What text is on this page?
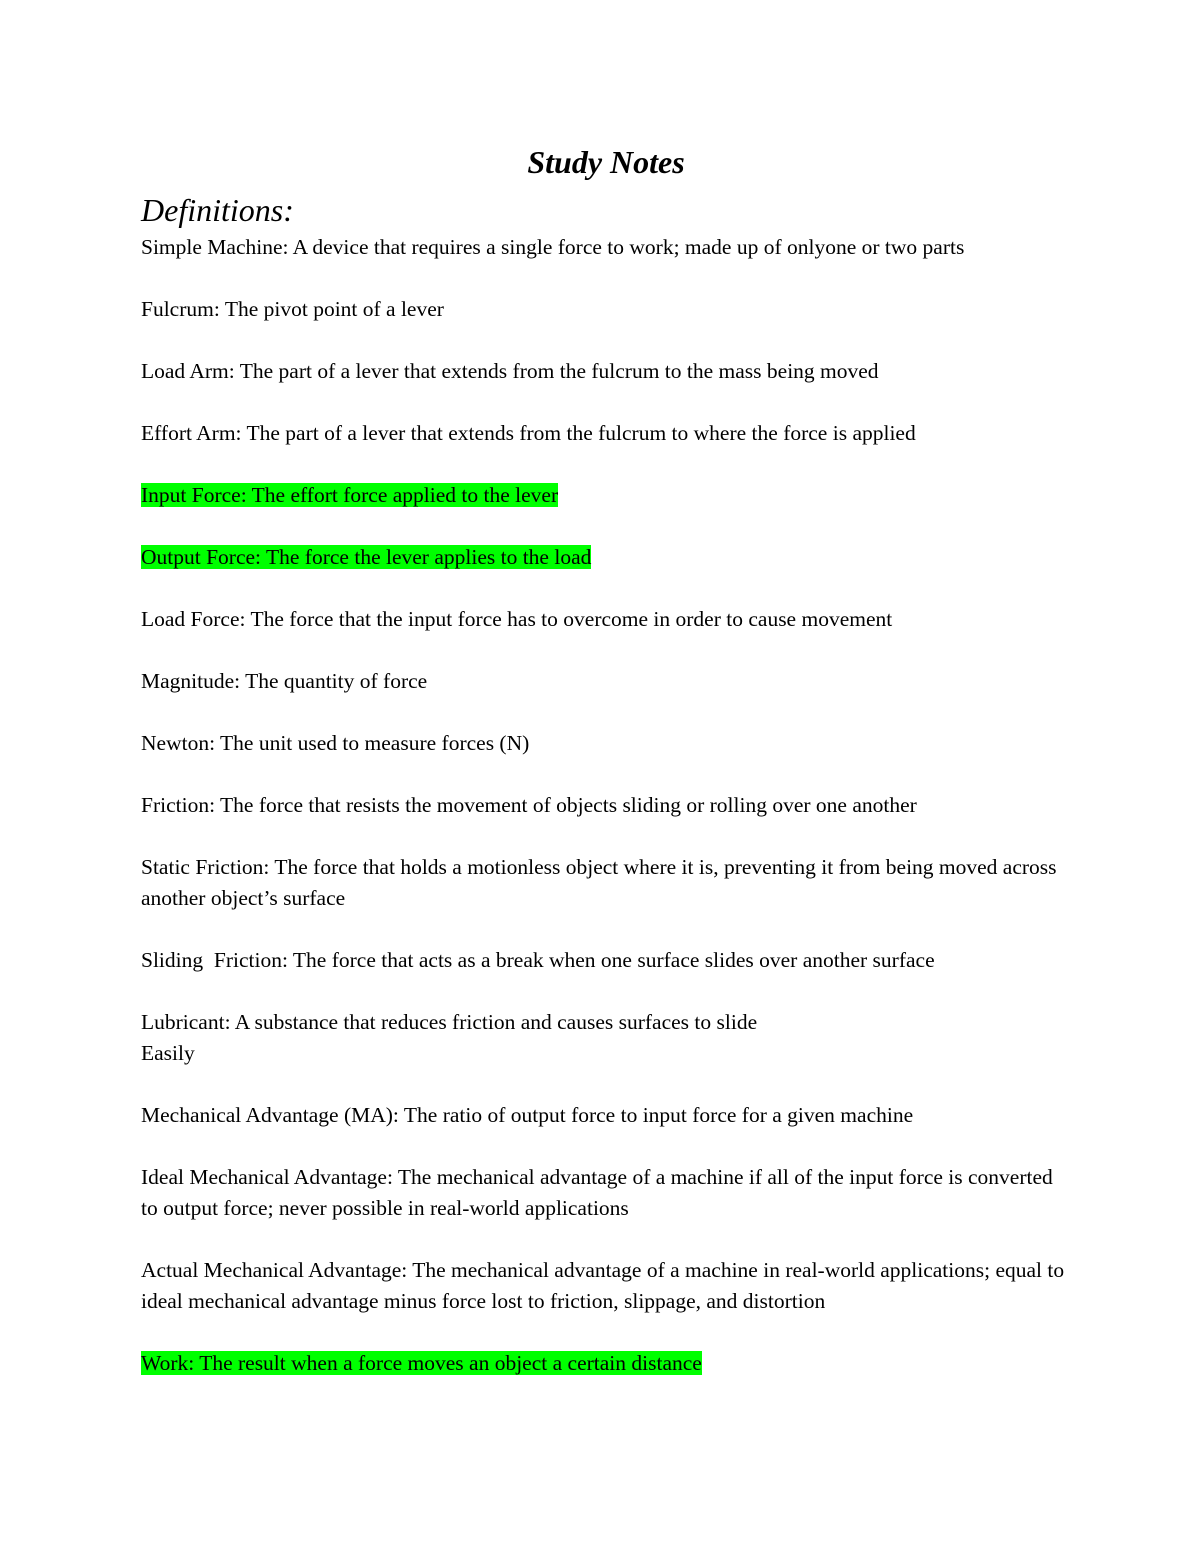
Study Notes
Definitions:
Simple Machine: A device that requires a single force to work; made up of onlyone or two parts
Fulcrum: The pivot point of a lever
Load Arm: The part of a lever that extends from the fulcrum to the mass being moved
Effort Arm: The part of a lever that extends from the fulcrum to where the force is applied
Input Force: The effort force applied to the lever
Output Force: The force the lever applies to the load
Load Force: The force that the input force has to overcome in order to cause movement
Magnitude: The quantity of force
Newton: The unit used to measure forces (N)
Friction: The force that resists the movement of objects sliding or rolling over one another
Static Friction: The force that holds a motionless object where it is, preventing it from being moved across another object’s surface
Sliding  Friction: The force that acts as a break when one surface slides over another surface
Lubricant: A substance that reduces friction and causes surfaces to slide
Easily
Mechanical Advantage (MA): The ratio of output force to input force for a given machine
Ideal Mechanical Advantage: The mechanical advantage of a machine if all of the input force is converted to output force; never possible in real-world applications
Actual Mechanical Advantage: The mechanical advantage of a machine in real-world applications; equal to ideal mechanical advantage minus force lost to friction, slippage, and distortion
Work: The result when a force moves an object a certain distance
